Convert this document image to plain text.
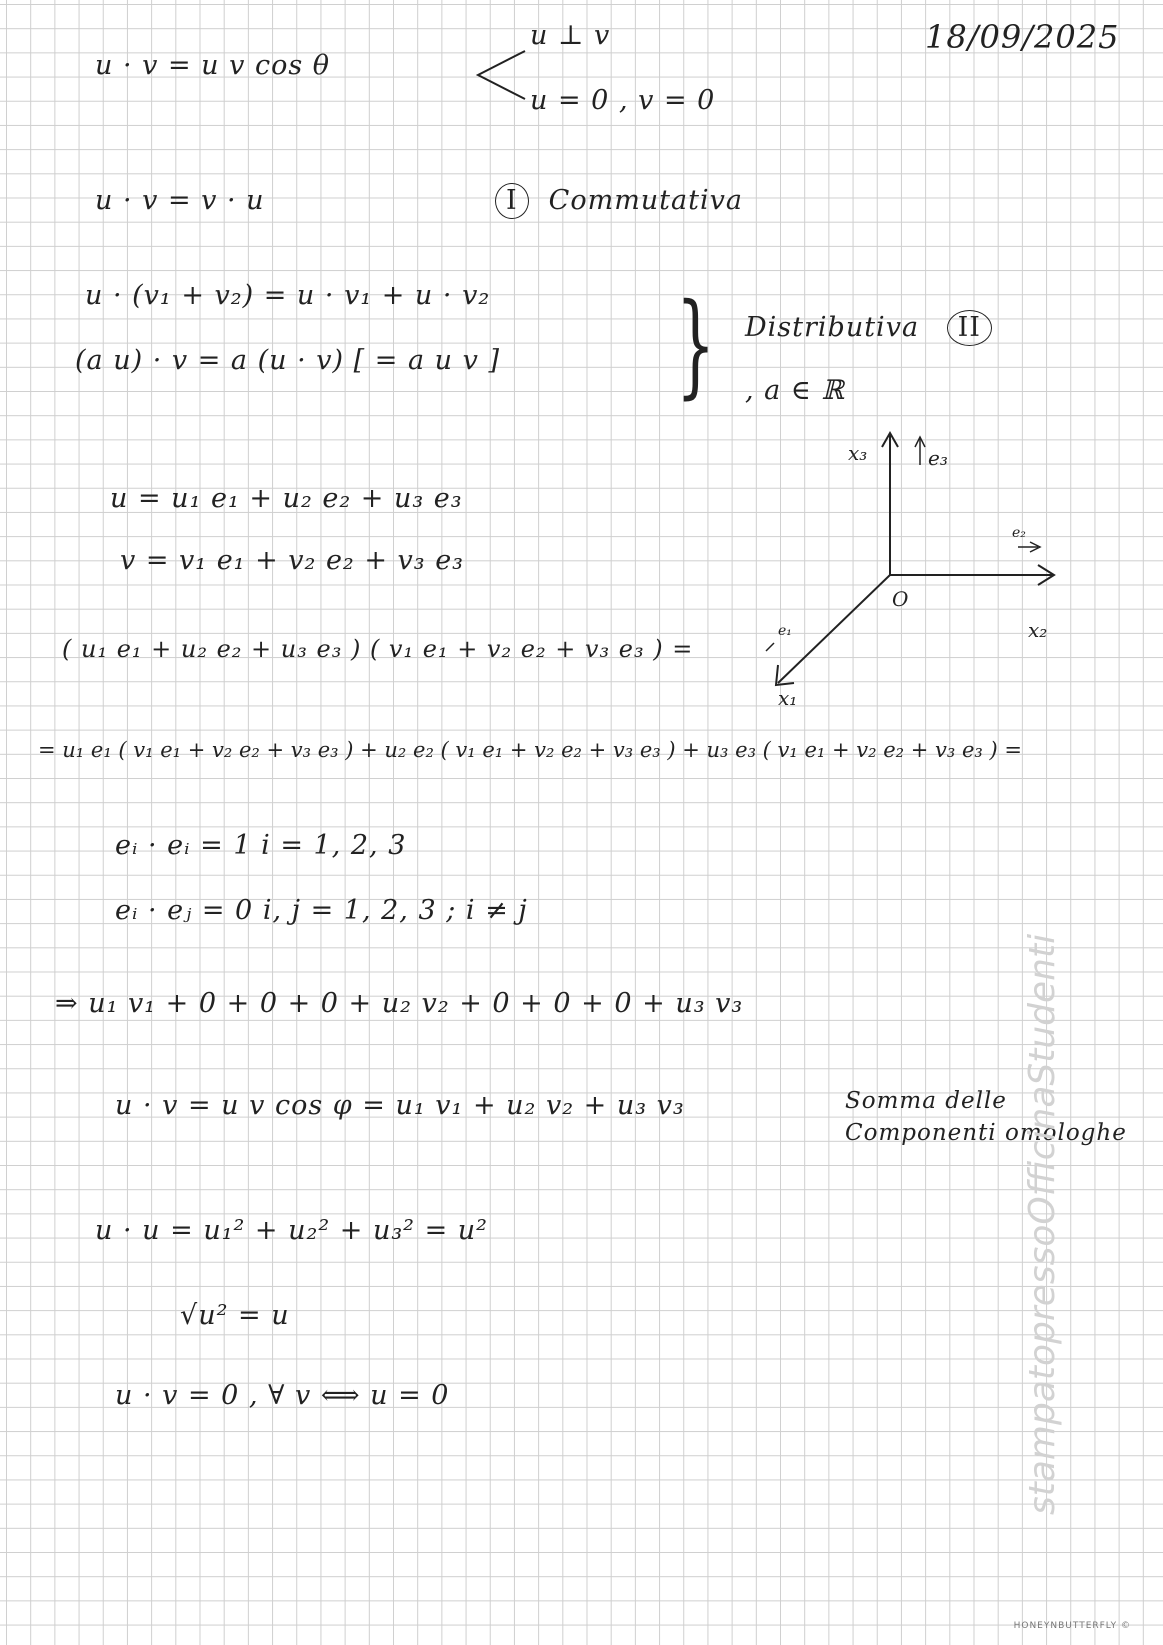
18/09/2025
u · v = u v cos θ
u ⊥ v
u = 0 , v = 0
u · v = v · u	I Commutativa
u · (v₁ + v₂) = u · v₁ + u · v₂
(a u) · v = a (u · v) [ = a u v ] } Distributiva II
, a ∈ ℝ
u = u₁ e₁ + u₂ e₂ + u₃ e₃
v = v₁ e₁ + v₂ e₂ + v₃ e₃
x₃	e₃
e₂
x₂
O
x₁
e₁
( u₁ e₁ + u₂ e₂ + u₃ e₃ ) ( v₁ e₁ + v₂ e₂ + v₃ e₃ ) =
= u₁ e₁ ( v₁ e₁ + v₂ e₂ + v₃ e₃ ) + u₂ e₂ ( v₁ e₁ + v₂ e₂ + v₃ e₃ ) + u₃ e₃ ( v₁ e₁ + v₂ e₂ + v₃ e₃ ) =
eᵢ · eᵢ = 1 i = 1, 2, 3
eᵢ · eⱼ = 0 i, j = 1, 2, 3 ; i ≠ j
⇒ u₁ v₁ + 0 + 0 + 0 + u₂ v₂ + 0 + 0 + 0 + u₃ v₃
u · v = u v cos φ = u₁ v₁ + u₂ v₂ + u₃ v₃	Somma delle
Componenti omologhe
u · u = u₁² + u₂² + u₃² = u²
√u² = u
u · v = 0 , ∀ v ⟺ u = 0	stampatopressoOfficinaStudenti
HONEYNBUTTERFLY ©
